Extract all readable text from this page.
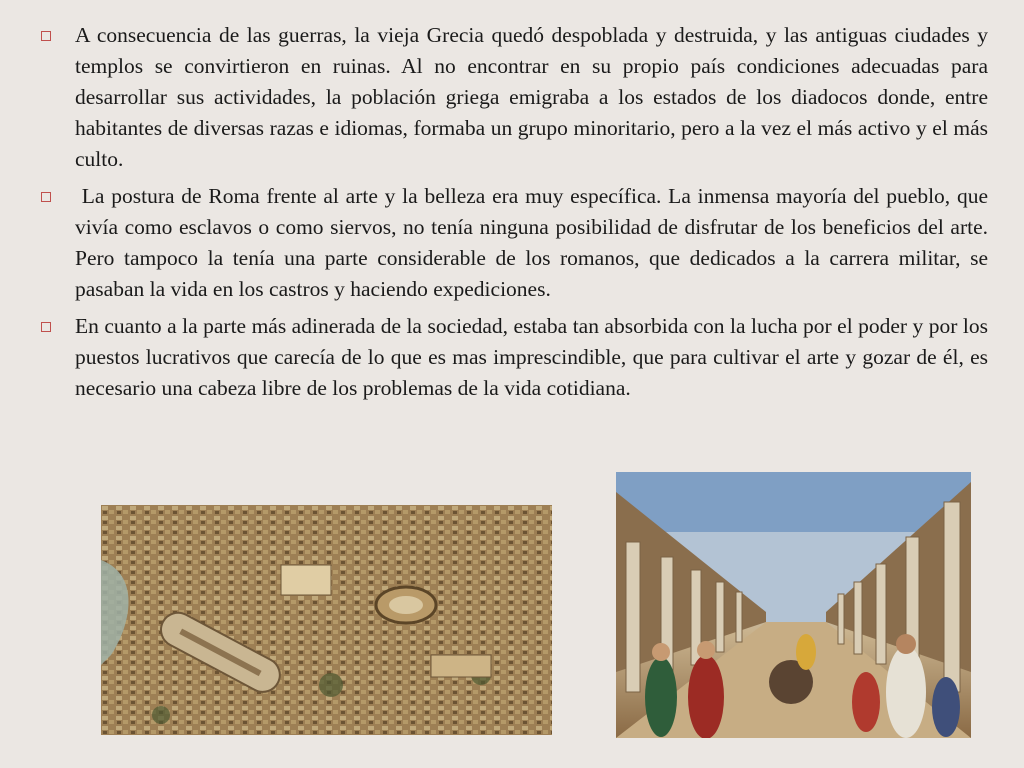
A consecuencia de las guerras, la vieja Grecia quedó despoblada y destruida, y las antiguas ciudades y templos se convirtieron en ruinas. Al no encontrar en su propio país condiciones adecuadas para desarrollar sus actividades, la población griega emigraba a los estados de los diadocos donde, entre habitantes de diversas razas e idiomas, formaba un grupo minoritario, pero a la vez el más activo y el más culto.
La postura de Roma frente al arte y la belleza era muy específica. La inmensa mayoría del pueblo, que vivía como esclavos o como siervos, no tenía ninguna posibilidad de disfrutar de los beneficios del arte. Pero tampoco la tenía una parte considerable de los romanos, que dedicados a la carrera militar, se pasaban la vida en los castros y haciendo expediciones.
En cuanto a la parte más adinerada de la sociedad, estaba tan absorbida con la lucha por el poder y por los puestos lucrativos que carecía de lo que es mas imprescindible, que para cultivar el arte y gozar de él, es necesario una cabeza libre de los problemas de la vida cotidiana.
